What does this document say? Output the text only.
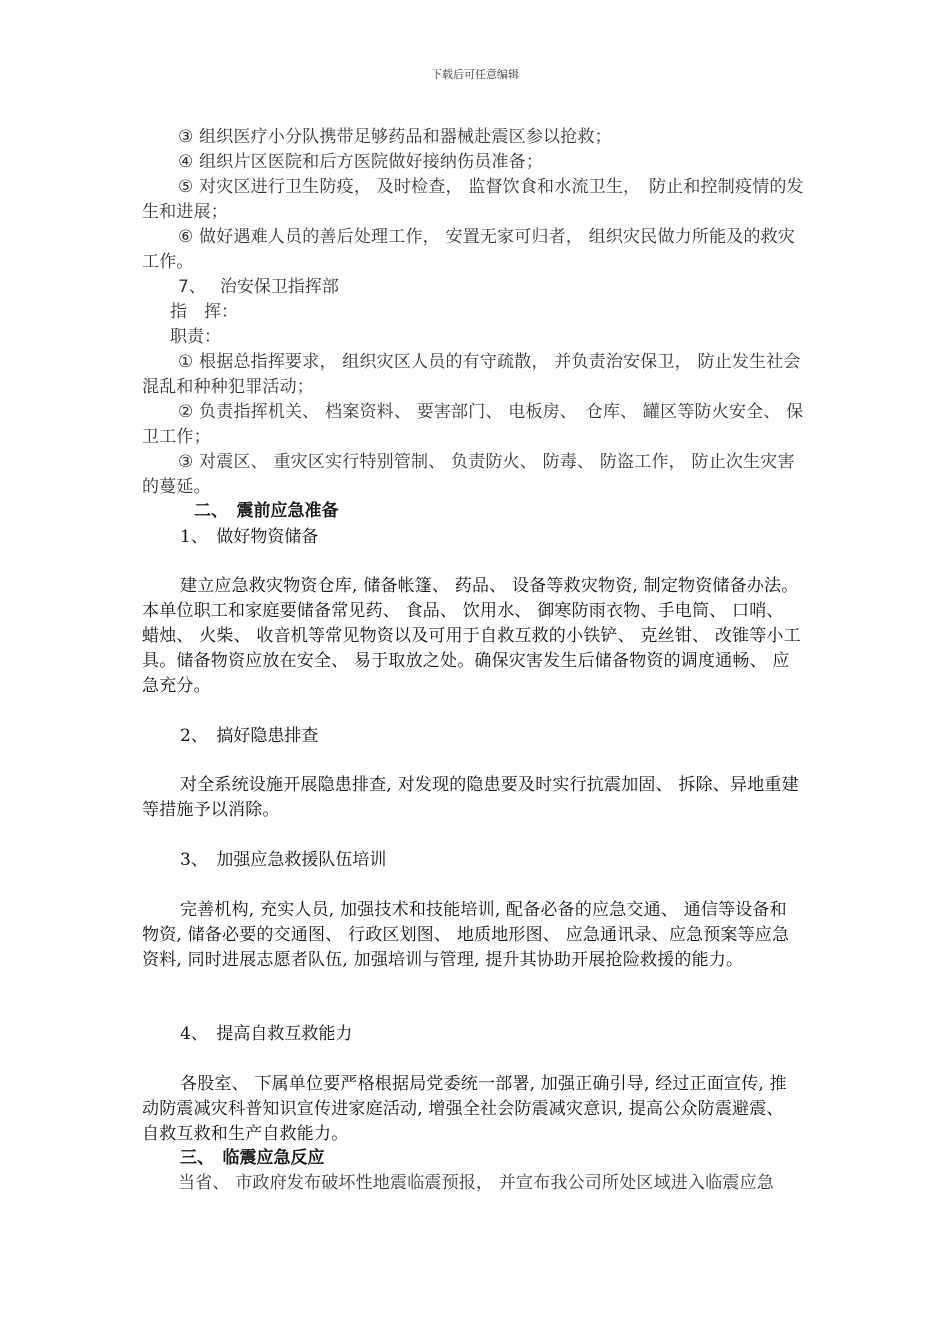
下载后可任意编辑
③ 组织医疗小分队携带足够药品和器械赴震区参以抢救；
④ 组织片区医院和后方医院做好接纳伤员准备；
⑤ 对灾区进行卫生防疫， 及时检查， 监督饮食和水流卫生，　防止和控制疫情的发生和进展；
⑥ 做好遇难人员的善后处理工作， 安置无家可归者， 组织灾民做力所能及的救灾工作。
7、 治安保卫指挥部
指　挥：
职责：
① 根据总指挥要求， 组织灾区人员的有守疏散， 并负责治安保卫， 防止发生社会混乱和种种犯罪活动；
② 负责指挥机关、 档案资料、 要害部门、 电板房、　仓库、 罐区等防火安全、 保卫工作；
③ 对震区、 重灾区实行特别管制、 负责防火、 防毒、 防盗工作， 防止次生灾害的蔓延。
二、　震前应急准备
1、　做好物资储备
建立应急救灾物资仓库, 储备帐篷、 药品、 设备等救灾物资, 制定物资储备办法。本单位职工和家庭要储备常见药、 食品、 饮用水、 御寒防雨衣物、手电筒、 口哨、 蜡烛、 火柴、 收音机等常见物资以及可用于自救互救的小铁铲、 克丝钳、 改锥等小工具。储备物资应放在安全、 易于取放之处。确保灾害发生后储备物资的调度通畅、 应急充分。
2、　搞好隐患排查
对全系统设施开展隐患排查, 对发现的隐患要及时实行抗震加固、 拆除、异地重建等措施予以消除。
3、　加强应急救援队伍培训
完善机构, 充实人员, 加强技术和技能培训, 配备必备的应急交通、 通信等设备和物资, 储备必要的交通图、 行政区划图、 地质地形图、 应急通讯录、应急预案等应急资料, 同时进展志愿者队伍, 加强培训与管理, 提升其协助开展抢险救援的能力。
4、　提高自救互救能力
各股室、 下属单位要严格根据局党委统一部署, 加强正确引导, 经过正面宣传, 推动防震减灾科普知识宣传进家庭活动, 增强全社会防震减灾意识, 提高公众防震避震、 自救互救和生产自救能力。
三、　临震应急反应
当省、 市政府发布破坏性地震临震预报， 并宣布我公司所处区域进入临震应急
